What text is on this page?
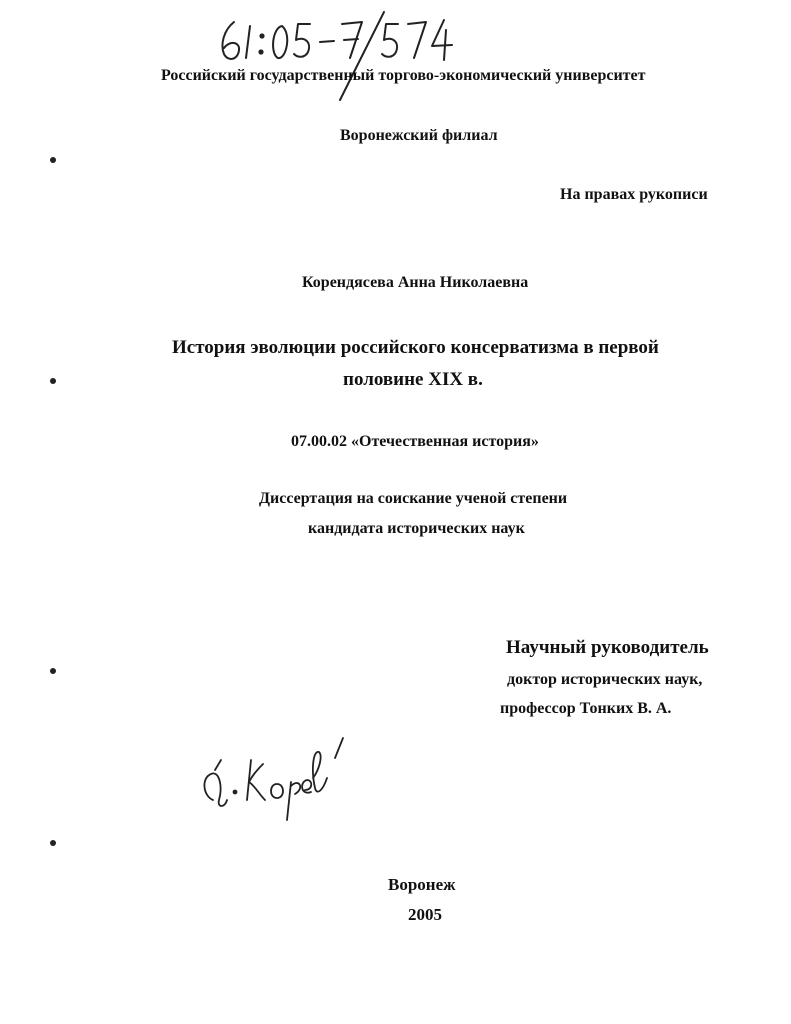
Российский государственный торгово-экономический университет
Воронежский филиал
На правах рукописи
Корендясева Анна Николаевна
История эволюции российского консерватизма в первой
половине XIX в.
07.00.02 «Отечественная история»
Диссертация на соискание ученой степени
кандидата исторических наук
Научный руководитель
доктор исторических наук,
профессор Тонких В. А.
Воронеж
2005
